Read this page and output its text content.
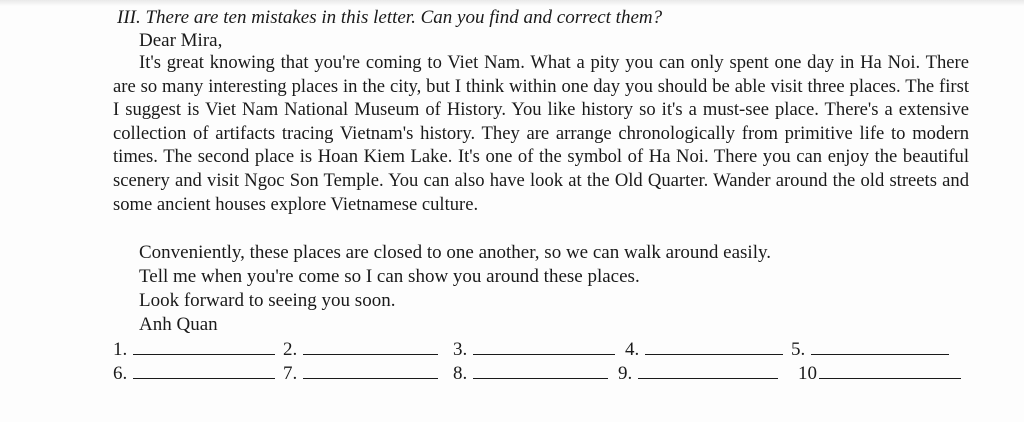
III. There are ten mistakes in this letter. Can you find and correct them?
Dear Mira,

It's great knowing that you're coming to Viet Nam. What a pity you can only spent one day in Ha Noi. There are so many interesting places in the city, but I think within one day you should be able visit three places. The first I suggest is Viet Nam National Museum of History. You like history so it's a must-see place. There's a extensive collection of artifacts tracing Vietnam's history. They are arrange chronologically from primitive life to modern times. The second place is Hoan Kiem Lake. It's one of the symbol of Ha Noi. There you can enjoy the beautiful scenery and visit Ngoc Son Temple. You can also have look at the Old Quarter. Wander around the old streets and some ancient houses explore Vietnamese culture.

Conveniently, these places are closed to one another, so we can walk around easily.
Tell me when you're come so I can show you around these places.
Look forward to seeing you soon.
Anh Quan
1.	2.	3.	4.	5.
6.	7.	8.	9.	10
